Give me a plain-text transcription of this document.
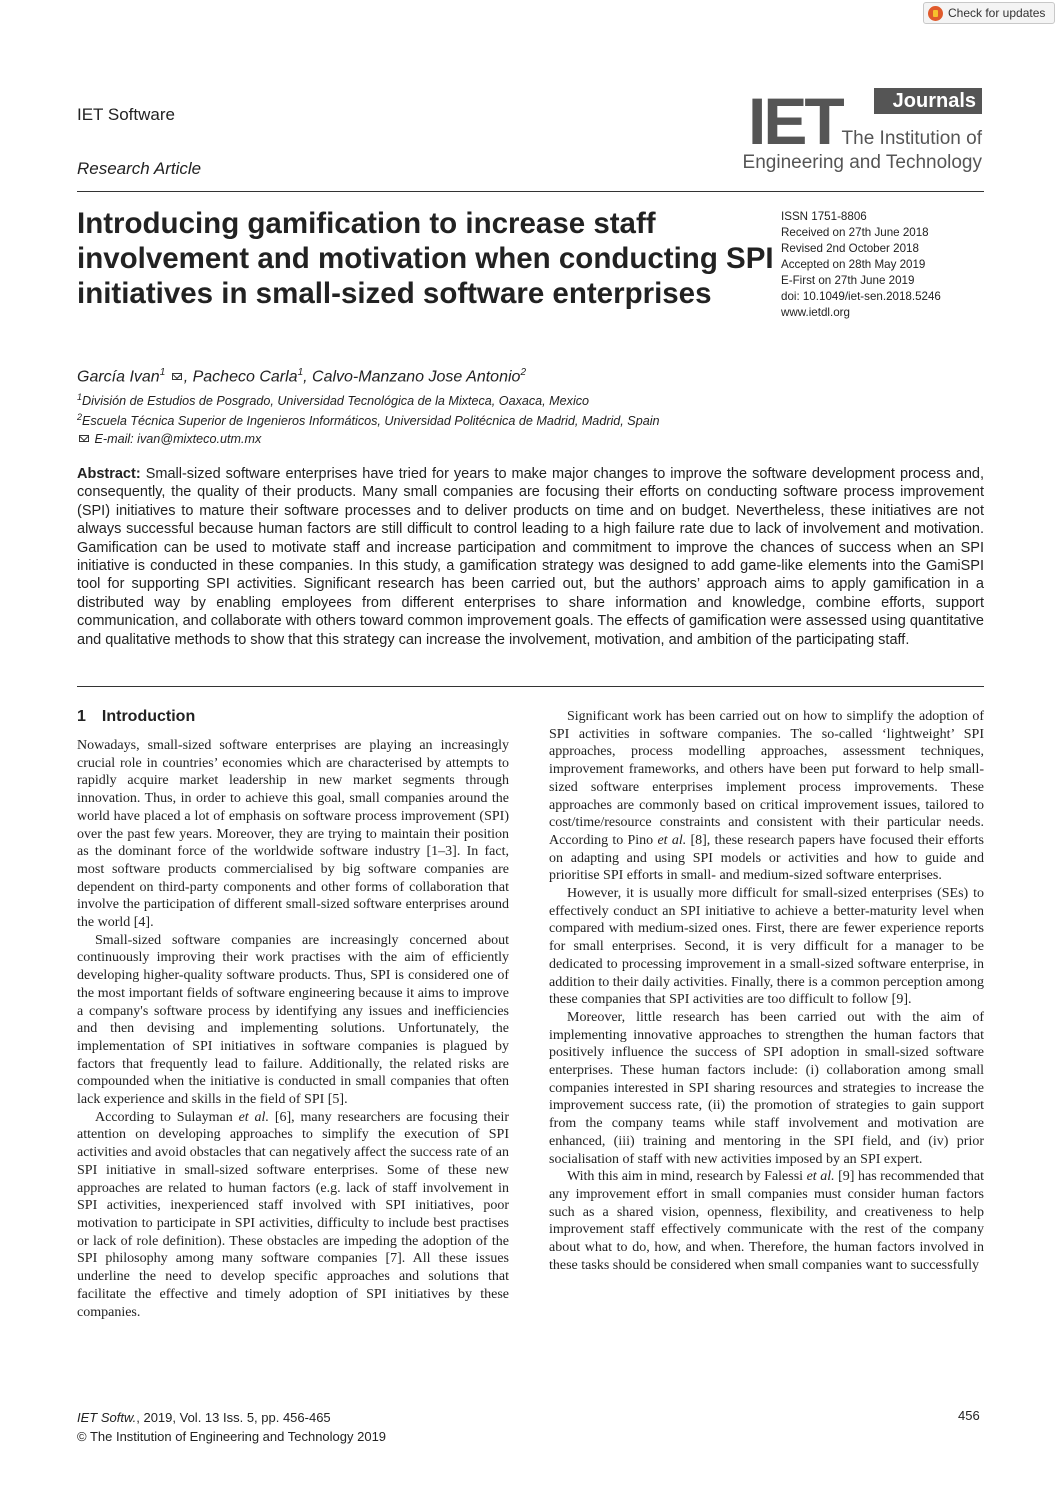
Check for updates
IET Software
Research Article
IET	Journals
The Institution of
Engineering and Technology
Introducing gamification to increase staff involvement and motivation when conducting SPI initiatives in small-sized software enterprises
ISSN 1751-8806
Received on 27th June 2018
Revised 2nd October 2018
Accepted on 28th May 2019
E-First on 27th June 2019
doi: 10.1049/iet-sen.2018.5246
www.ietdl.org
García Ivan$^1$ , Pacheco Carla$^1$, Calvo-Manzano Jose Antonio$^2$
$^1$División de Estudios de Posgrado, Universidad Tecnológica de la Mixteca, Oaxaca, Mexico
$^2$Escuela Técnica Superior de Ingenieros Informáticos, Universidad Politécnica de Madrid, Madrid, Spain
E-mail: ivan@mixteco.utm.mx
Abstract: Small-sized software enterprises have tried for years to make major changes to improve the software development process and, consequently, the quality of their products. Many small companies are focusing their efforts on conducting software process improvement (SPI) initiatives to mature their software processes and to deliver products on time and on budget. Nevertheless, these initiatives are not always successful because human factors are still difficult to control leading to a high failure rate due to lack of involvement and motivation. Gamification can be used to motivate staff and increase participation and commitment to improve the chances of success when an SPI initiative is conducted in these companies. In this study, a gamification strategy was designed to add game-like elements into the GamiSPI tool for supporting SPI activities. Significant research has been carried out, but the authors’ approach aims to apply gamification in a distributed way by enabling employees from different enterprises to share information and knowledge, combine efforts, support communication, and collaborate with others toward common improvement goals. The effects of gamification were assessed using quantitative and qualitative methods to show that this strategy can increase the involvement, motivation, and ambition of the participating staff.
1 Introduction

Nowadays, small-sized software enterprises are playing an increasingly crucial role in countries’ economies which are characterised by attempts to rapidly acquire market leadership in new market segments through innovation. Thus, in order to achieve this goal, small companies around the world have placed a lot of emphasis on software process improvement (SPI) over the past few years. Moreover, they are trying to maintain their position as the dominant force of the worldwide software industry [1–3]. In fact, most software products commercialised by big software companies are dependent on third-party components and other forms of collaboration that involve the participation of different small-sized software enterprises around the world [4].

Small-sized software companies are increasingly concerned about continuously improving their work practises with the aim of efficiently developing higher-quality software products. Thus, SPI is considered one of the most important fields of software engineering because it aims to improve a company's software process by identifying any issues and inefficiencies and then devising and implementing solutions. Unfortunately, the implementation of SPI initiatives in software companies is plagued by factors that frequently lead to failure. Additionally, the related risks are compounded when the initiative is conducted in small companies that often lack experience and skills in the field of SPI [5].

According to Sulayman et al. [6], many researchers are focusing their attention on developing approaches to simplify the execution of SPI activities and avoid obstacles that can negatively affect the success rate of an SPI initiative in small-sized software enterprises. Some of these new approaches are related to human factors (e.g. lack of staff involvement in SPI activities, inexperienced staff involved with SPI initiatives, poor motivation to participate in SPI activities, difficulty to include best practises or lack of role definition). These obstacles are impeding the adoption of the SPI philosophy among many software companies [7]. All these issues underline the need to develop specific approaches and solutions that facilitate the effective and timely adoption of SPI initiatives by these companies.

Significant work has been carried out on how to simplify the adoption of SPI activities in software companies. The so-called ‘lightweight’ SPI approaches, process modelling approaches, assessment techniques, improvement frameworks, and others have been put forward to help small-sized software enterprises implement process improvements. These approaches are commonly based on critical improvement issues, tailored to cost/time/resource constraints and consistent with their particular needs. According to Pino et al. [8], these research papers have focused their efforts on adapting and using SPI models or activities and how to guide and prioritise SPI efforts in small- and medium-sized software enterprises.

However, it is usually more difficult for small-sized enterprises (SEs) to effectively conduct an SPI initiative to achieve a better-maturity level when compared with medium-sized ones. First, there are fewer experience reports for small enterprises. Second, it is very difficult for a manager to be dedicated to processing improvement in a small-sized software enterprise, in addition to their daily activities. Finally, there is a common perception among these companies that SPI activities are too difficult to follow [9].

Moreover, little research has been carried out with the aim of implementing innovative approaches to strengthen the human factors that positively influence the success of SPI adoption in small-sized software enterprises. These human factors include: (i) collaboration among small companies interested in SPI sharing resources and strategies to increase the improvement success rate, (ii) the promotion of strategies to gain support from the company teams while staff involvement and motivation are enhanced, (iii) training and mentoring in the SPI field, and (iv) prior socialisation of staff with new activities imposed by an SPI expert.

With this aim in mind, research by Falessi et al. [9] has recommended that any improvement effort in small companies must consider human factors such as a shared vision, openness, flexibility, and creativeness to help improvement staff effectively communicate with the rest of the company about what to do, how, and when. Therefore, the human factors involved in these tasks should be considered when small companies want to successfully

IET Softw., 2019, Vol. 13 Iss. 5, pp. 456-465
© The Institution of Engineering and Technology 2019
456
